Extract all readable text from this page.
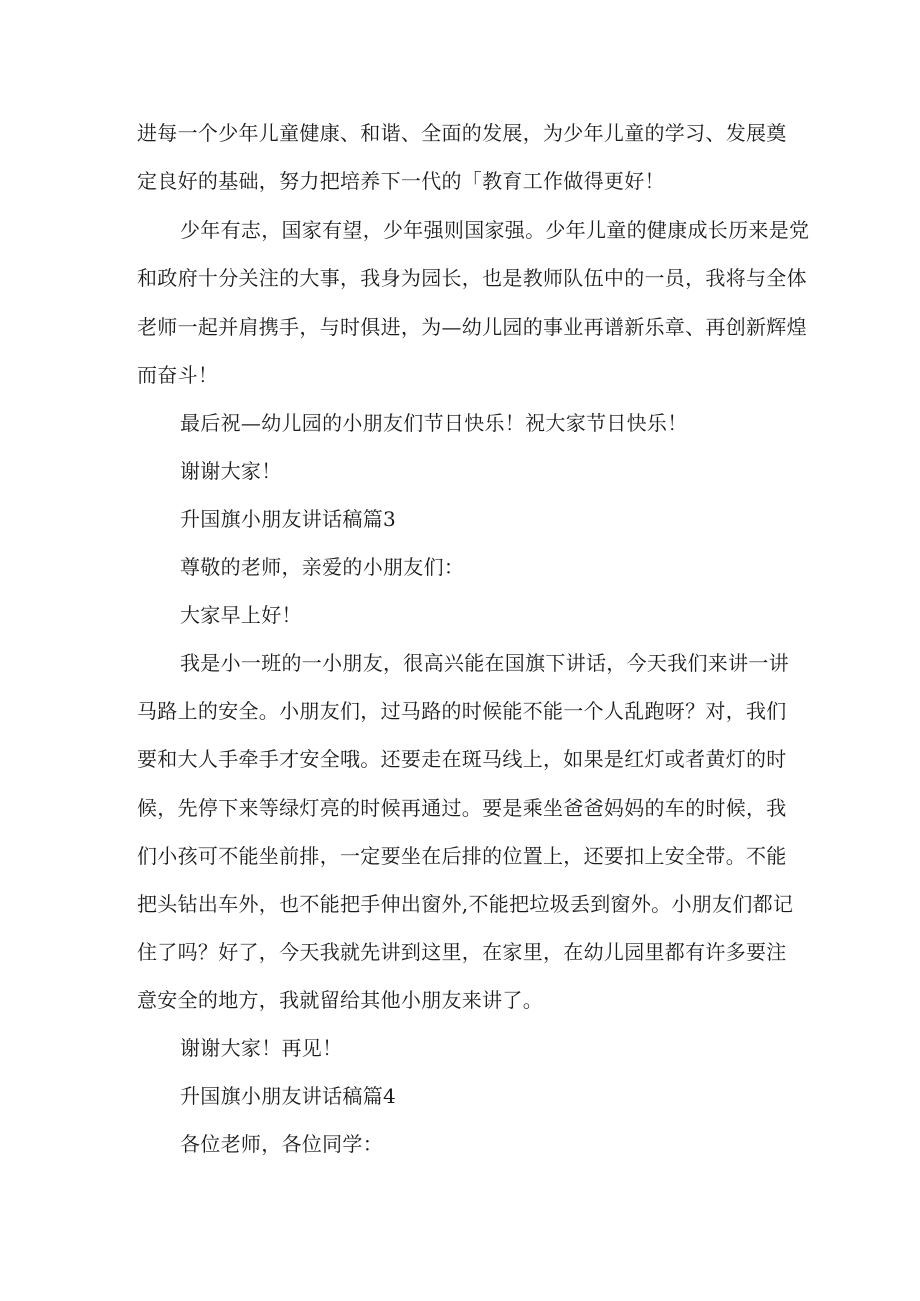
进每一个少年儿童健康、和谐、全面的发展，为少年儿童的学习、发展奠
定良好的基础，努力把培养下一代的「教育工作做得更好！
少年有志，国家有望，少年强则国家强。少年儿童的健康成长历来是党
和政府十分关注的大事，我身为园长，也是教师队伍中的一员，我将与全体
老师一起并肩携手，与时俱进，为—幼儿园的事业再谱新乐章、再创新辉煌
而奋斗！
最后祝—幼儿园的小朋友们节日快乐！祝大家节日快乐！
谢谢大家！
升国旗小朋友讲话稿篇3
尊敬的老师，亲爱的小朋友们：
大家早上好！
我是小一班的一小朋友，很高兴能在国旗下讲话，今天我们来讲一讲
马路上的安全。小朋友们，过马路的时候能不能一个人乱跑呀？对，我们
要和大人手牵手才安全哦。还要走在斑马线上，如果是红灯或者黄灯的时
候，先停下来等绿灯亮的时候再通过。要是乘坐爸爸妈妈的车的时候，我
们小孩可不能坐前排，一定要坐在后排的位置上，还要扣上安全带。不能
把头钻出车外，也不能把手伸出窗外,不能把垃圾丢到窗外。小朋友们都记
住了吗？好了，今天我就先讲到这里，在家里，在幼儿园里都有许多要注
意安全的地方，我就留给其他小朋友来讲了。
谢谢大家！再见！
升国旗小朋友讲话稿篇4
各位老师，各位同学：
